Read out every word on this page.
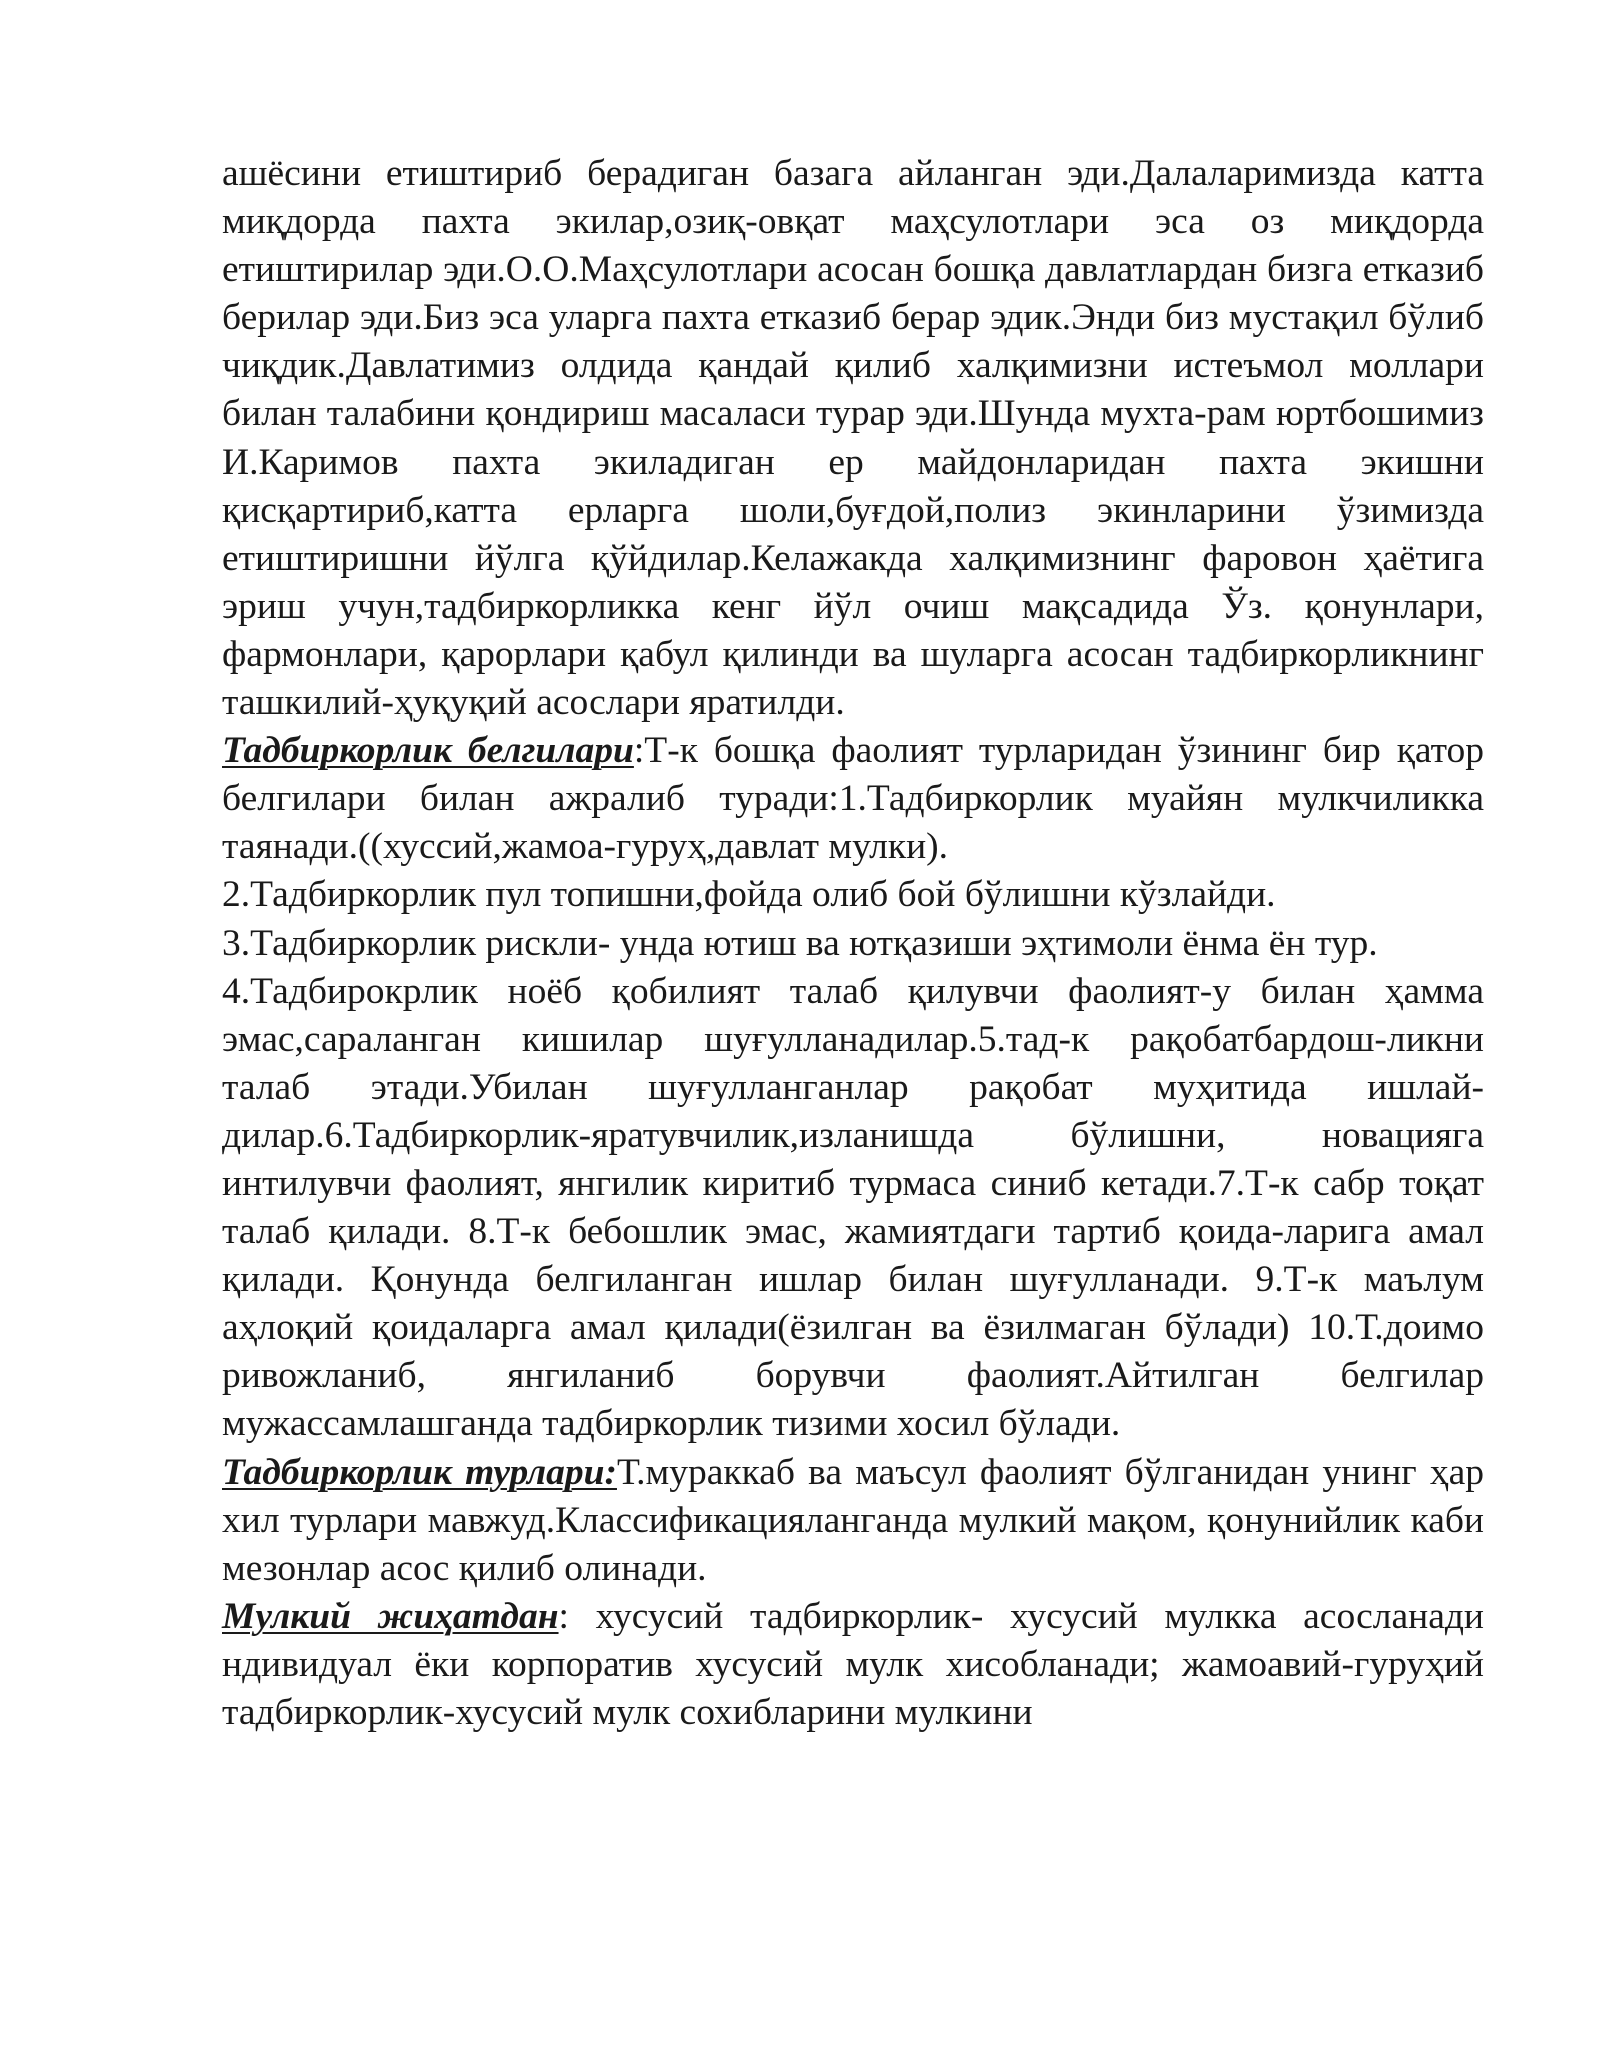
ашёсини етиштириб берадиган базага айланган эди.Далаларимизда катта миқдорда пахта экилар,озиқ-овқат маҳсулотлари эса оз миқдорда етиштирилар эди.О.О.Маҳсулотлари асосан бошқа давлатлардан бизга етказиб берилар эди.Биз эса уларга пахта етказиб берар эдик.Энди биз мустақил бўлиб чиқдик.Давлатимиз олдида қандай қилиб халқимизни истеъмол моллари билан талабини қондириш масаласи турар эди.Шунда мухта-рам юртбошимиз И.Каримов пахта экиладиган ер майдонларидан пахта экишни қисқартириб,катта ерларга шоли,буғдой,полиз экинларини ўзимизда етиштиришни йўлга қўйдилар.Келажакда халқимизнинг фаровон ҳаётига эриш учун,тадбиркорликка кенг йўл очиш мақсадида Ўз. қонунлари, фармонлари, қарорлари қабул қилинди ва шуларга асосан тадбиркорликнинг ташкилий-ҳуқуқий асослари яратилди.

Тадбиркорлик белгилари:Т-к бошқа фаолият турларидан ўзининг бир қатор белгилари билан ажралиб туради:1.Тадбиркорлик муайян мулкчиликка таянади.((хуссий,жамоа-гуруҳ,давлат мулки).

2.Тадбиркорлик пул топишни,фойда олиб бой бўлишни кўзлайди.

3.Тадбиркорлик рискли- унда ютиш ва ютқазиши эҳтимоли ёнма ён тур.

4.Тадбирокрлик ноёб қобилият талаб қилувчи фаолият-у билан ҳамма эмас,сараланган кишилар шуғулланадилар.5.тад-к рақобатбардош-ликни талаб этади.Убилан шуғулланганлар рақобат муҳитида ишлай-дилар.6.Тадбиркорлик-яратувчилик,изланишда бўлишни, новацияга интилувчи фаолият, янгилик киритиб турмаса синиб кетади.7.Т-к сабр тоқат талаб қилади. 8.Т-к бебошлик эмас, жамиятдаги тартиб қоида-ларига амал қилади. Қонунда белгиланган ишлар билан шуғулланади. 9.Т-к маълум аҳлоқий қоидаларга амал қилади(ёзилган ва ёзилмаган бўлади) 10.Т.доимо ривожланиб, янгиланиб борувчи фаолият.Айтилган белгилар мужассамлашганда тадбиркорлик тизими хосил бўлади.

Тадбиркорлик турлари:Т.мураккаб ва маъсул фаолият бўлганидан унинг ҳар хил турлари мавжуд.Классификацияланганда мулкий мақом, қонунийлик каби мезонлар асос қилиб олинади.

Мулкий жиҳатдан: хусусий тадбиркорлик- хусусий мулкка асосланади ндивидуал ёки корпоратив хусусий мулк хисобланади; жамоавий-гуруҳий тадбиркорлик-хусусий мулк сохибларини мулкини
